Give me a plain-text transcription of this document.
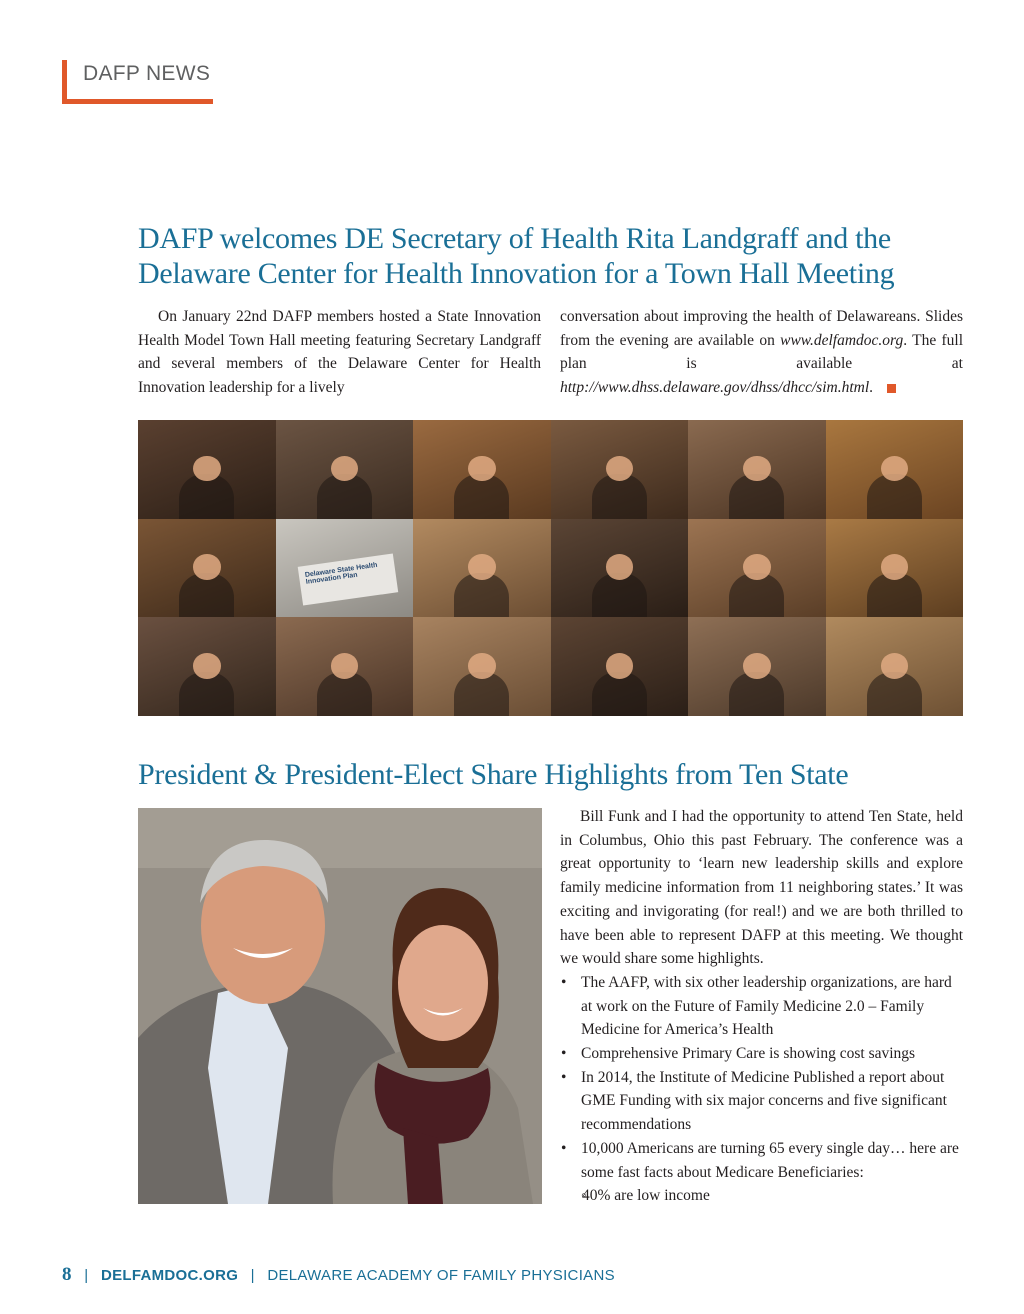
DAFP NEWS
DAFP welcomes DE Secretary of Health Rita Landgraff and the
Delaware Center for Health Innovation for a Town Hall Meeting

On January 22nd DAFP members hosted a State Innovation Health Model Town Hall meeting featuring Secretary Landgraff and several members of the Delaware Center for Health Innovation leadership for a lively

conversation about improving the health of Delawareans. Slides from the evening are available on www.delfamdoc.org. The full plan is available at http://www.dhss.delaware.gov/dhss/dhcc/sim.html.

Delaware State Health Innovation Plan
President & President-Elect Share Highlights from Ten State

Bill Funk and I had the opportunity to attend Ten State, held in Columbus, Ohio this past February. The conference was a great opportunity to ‘learn new leadership skills and explore family medicine information from 11 neighboring states.’ It was exciting and invigorating (for real!) and we are both thrilled to have been able to represent DAFP at this meeting. We thought we would share some highlights.

• The AAFP, with six other leadership organizations, are hard at work on the Future of Family Medicine 2.0 – Family Medicine for America’s Health
• Comprehensive Primary Care is showing cost savings
• In 2014, the Institute of Medicine Published a report about GME Funding with six major concerns and five significant recommendations
• 10,000 Americans are turning 65 every single day… here are some fast facts about Medicare Beneficiaries:
◦ 40% are low income
8 | DELFAMDOC.ORG | DELAWARE ACADEMY OF FAMILY PHYSICIANS
